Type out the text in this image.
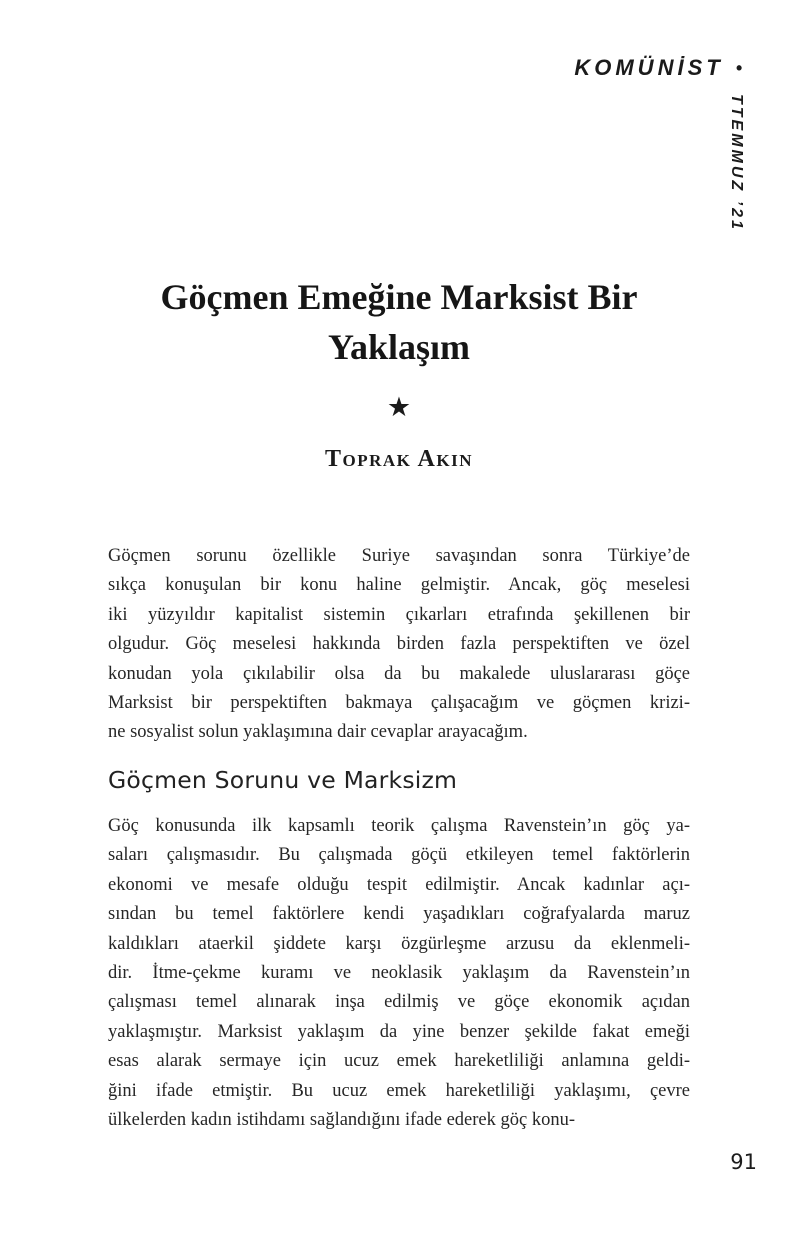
KOMÜNİST •
TTEMMUZ ’21
Göçmen Emeğine Marksist Bir
Yaklaşım
★
Toprak Akın
Göçmen sorunu özellikle Suriye savaşından sonra Türkiye’de
sıkça konuşulan bir konu haline gelmiştir. Ancak, göç meselesi
iki yüzyıldır kapitalist sistemin çıkarları etrafında şekillenen bir
olgudur. Göç meselesi hakkında birden fazla perspektiften ve özel
konudan yola çıkılabilir olsa da bu makalede uluslararası göçe
Marksist bir perspektiften bakmaya çalışacağım ve göçmen krizi-
ne sosyalist solun yaklaşımına dair cevaplar arayacağım.
Göçmen Sorunu ve Marksizm
Göç konusunda ilk kapsamlı teorik çalışma Ravenstein’ın göç ya-
saları çalışmasıdır. Bu çalışmada göçü etkileyen temel faktörlerin
ekonomi ve mesafe olduğu tespit edilmiştir. Ancak kadınlar açı-
sından bu temel faktörlere kendi yaşadıkları coğrafyalarda maruz
kaldıkları ataerkil şiddete karşı özgürleşme arzusu da eklenmeli-
dir. İtme-çekme kuramı ve neoklasik yaklaşım da Ravenstein’ın
çalışması temel alınarak inşa edilmiş ve göçe ekonomik açıdan
yaklaşmıştır. Marksist yaklaşım da yine benzer şekilde fakat emeği
esas alarak sermaye için ucuz emek hareketliliği anlamına geldi-
ğini ifade etmiştir. Bu ucuz emek hareketliliği yaklaşımı, çevre
ülkelerden kadın istihdamı sağlandığını ifade ederek göç konu-
91
